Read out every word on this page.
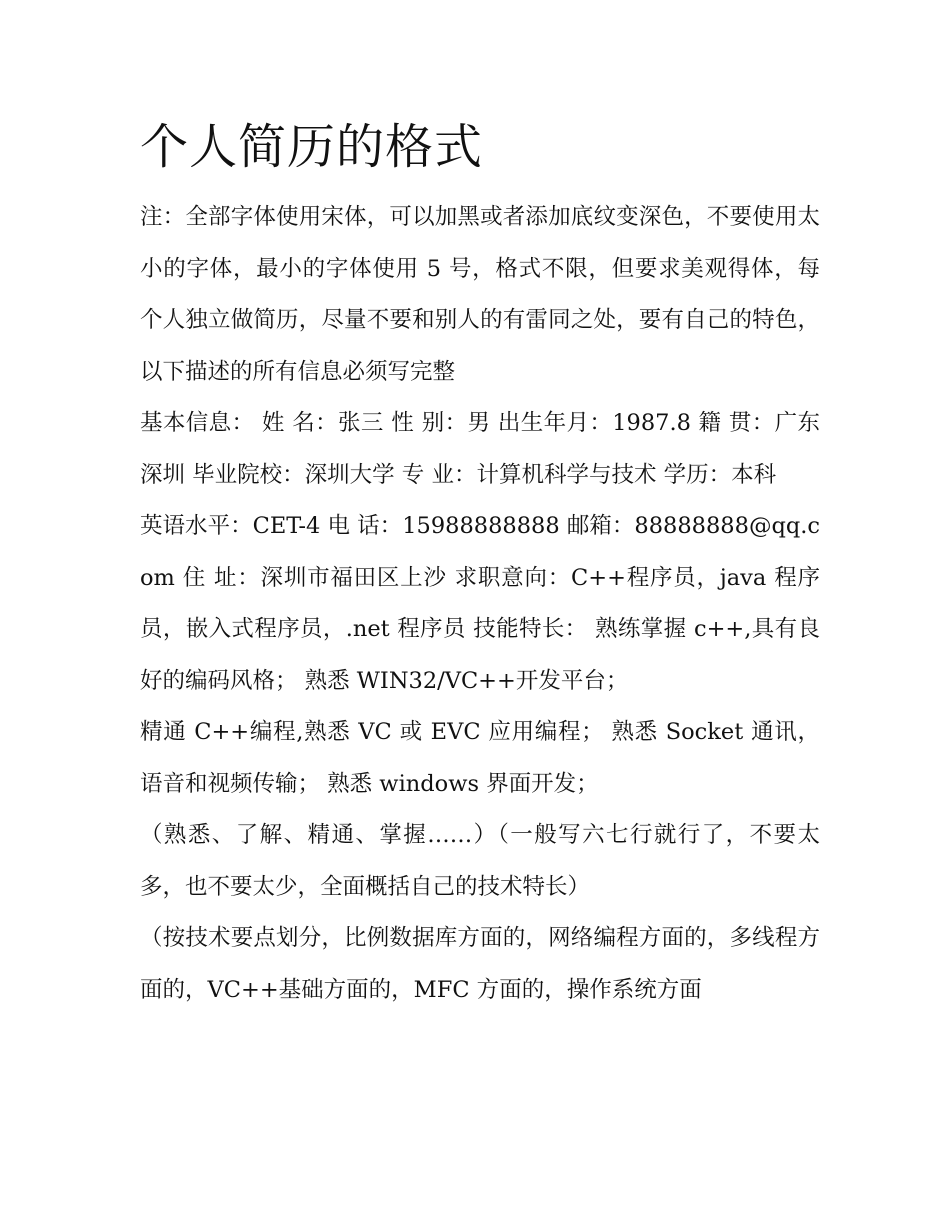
个人简历的格式

注：全部字体使用宋体，可以加黑或者添加底纹变深色，不要使用太小的字体，最小的字体使用 5 号，格式不限，但要求美观得体，每个人独立做简历，尽量不要和别人的有雷同之处，要有自己的特色，以下描述的所有信息必须写完整

基本信息： 姓 名：张三 性 别：男 出生年月：1987.8 籍 贯：广东深圳 毕业院校：深圳大学 专 业：计算机科学与技术 学历：本科

英语水平：CET-4 电 话：15988888888 邮箱：88888888@qq.com 住 址：深圳市福田区上沙 求职意向：C++程序员，java 程序员，嵌入式程序员，.net 程序员 技能特长： 熟练掌握 c++,具有良好的编码风格； 熟悉 WIN32/VC++开发平台；

精通 C++编程,熟悉 VC 或 EVC 应用编程； 熟悉 Socket 通讯，语音和视频传输； 熟悉 windows 界面开发；

（熟悉、了解、精通、掌握……）（一般写六七行就行了，不要太多，也不要太少，全面概括自己的技术特长）

（按技术要点划分，比例数据库方面的，网络编程方面的，多线程方面的，VC++基础方面的，MFC 方面的，操作系统方面
